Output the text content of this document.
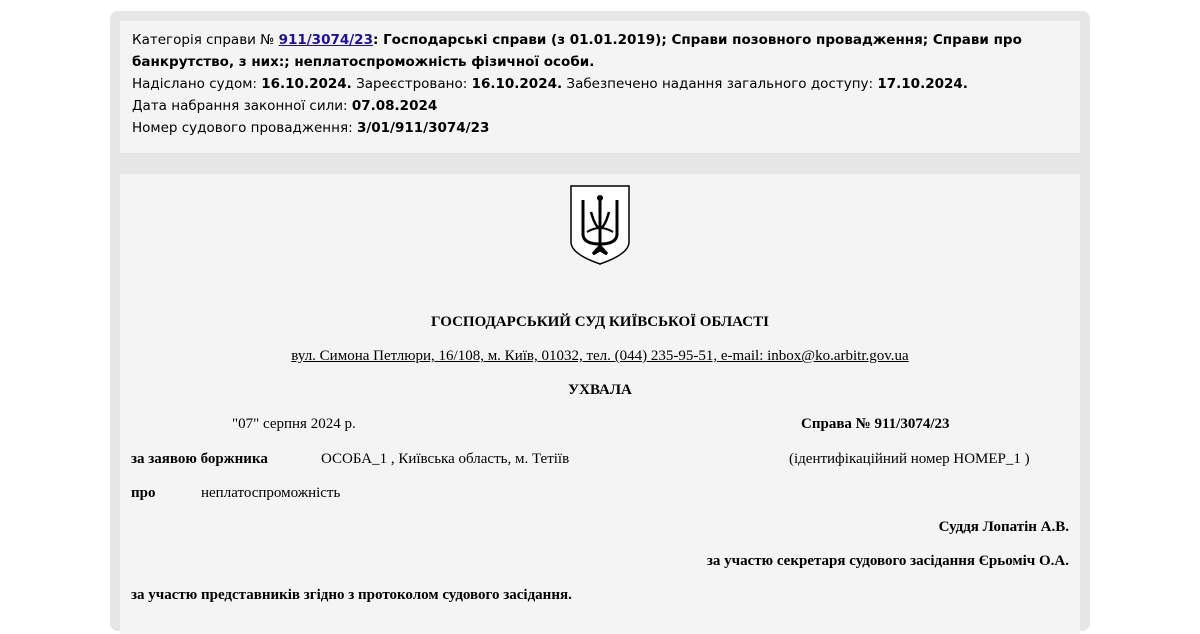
Категорія справи № 911/3074/23: Господарські справи (з 01.01.2019); Справи позовного провадження; Справи про
банкрутство, з них:; неплатоспроможність фізичної особи.
Надіслано судом: 16.10.2024. Зареєстровано: 16.10.2024. Забезпечено надання загального доступу: 17.10.2024.
Дата набрання законної сили: 07.08.2024
Номер судового провадження: 3/01/911/3074/23
ГОСПОДАРСЬКИЙ СУД КИЇВСЬКОЇ ОБЛАСТІ
вул. Симона Петлюри, 16/108, м. Київ, 01032, тел. (044) 235-95-51, e-mail: inbox@ko.arbitr.gov.ua
УХВАЛА
"07" серпня 2024 р.	Справа № 911/3074/23
за заявою боржника	ОСОБА_1 , Київська область, м. Тетіїв	(ідентифікаційний номер НОМЕР_1 )
про	неплатоспроможність
Суддя Лопатін А.В.
за участю секретаря судового засідання Єрьоміч О.А.
за участю представників згідно з протоколом судового засідання.
